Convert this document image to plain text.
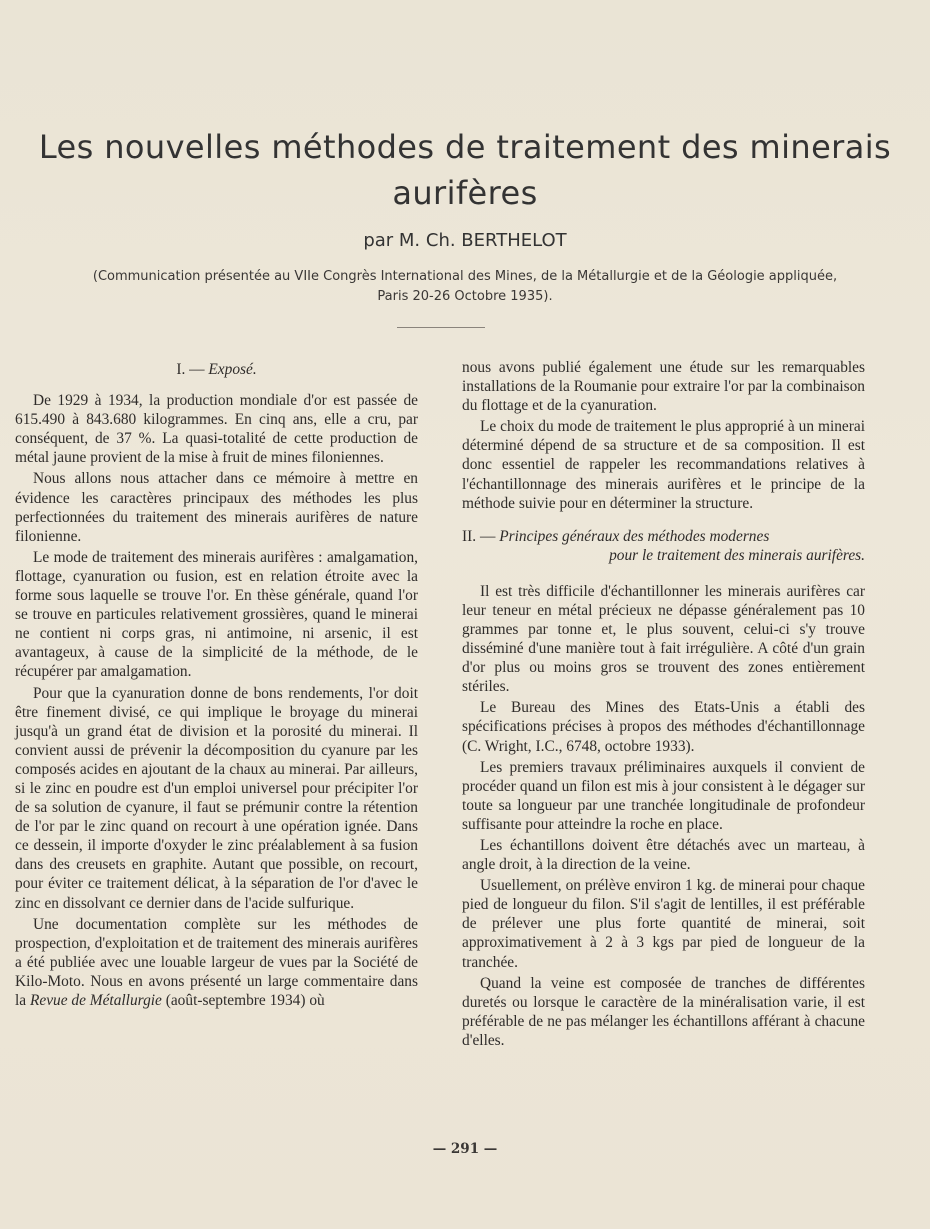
Les nouvelles méthodes de traitement des minerais
aurifères

par M. Ch. BERTHELOT

(Communication présentée au VIIe Congrès International des Mines, de la Métallurgie et de la Géologie appliquée,
Paris 20-26 Octobre 1935).

I. — Exposé.

De 1929 à 1934, la production mondiale d'or est passée de 615.490 à 843.680 kilogrammes. En cinq ans, elle a cru, par conséquent, de 37 %. La quasi-totalité de cette production de métal jaune provient de la mise à fruit de mines filoniennes.

Nous allons nous attacher dans ce mémoire à mettre en évidence les caractères principaux des méthodes les plus perfectionnées du traitement des minerais aurifères de nature filonienne.

Le mode de traitement des minerais aurifères : amalgamation, flottage, cyanuration ou fusion, est en relation étroite avec la forme sous laquelle se trouve l'or. En thèse générale, quand l'or se trouve en particules relativement grossières, quand le minerai ne contient ni corps gras, ni antimoine, ni arsenic, il est avantageux, à cause de la simplicité de la méthode, de le récupérer par amalgamation.

Pour que la cyanuration donne de bons rendements, l'or doit être finement divisé, ce qui implique le broyage du minerai jusqu'à un grand état de division et la porosité du minerai. Il convient aussi de prévenir la décomposition du cyanure par les composés acides en ajoutant de la chaux au minerai. Par ailleurs, si le zinc en poudre est d'un emploi universel pour précipiter l'or de sa solution de cyanure, il faut se prémunir contre la rétention de l'or par le zinc quand on recourt à une opération ignée. Dans ce dessein, il importe d'oxyder le zinc préalablement à sa fusion dans des creusets en graphite. Autant que possible, on recourt, pour éviter ce traitement délicat, à la séparation de l'or d'avec le zinc en dissolvant ce dernier dans de l'acide sulfurique.

Une documentation complète sur les méthodes de prospection, d'exploitation et de traitement des minerais aurifères a été publiée avec une louable largeur de vues par la Société de Kilo-Moto. Nous en avons présenté un large commentaire dans la Revue de Métallurgie (août-septembre 1934) où

nous avons publié également une étude sur les remarquables installations de la Roumanie pour extraire l'or par la combinaison du flottage et de la cyanuration.

Le choix du mode de traitement le plus approprié à un minerai déterminé dépend de sa structure et de sa composition. Il est donc essentiel de rappeler les recommandations relatives à l'échantillonnage des minerais aurifères et le principe de la méthode suivie pour en déterminer la structure.

II. — Principes généraux des méthodes modernes
pour le traitement des minerais aurifères.

Il est très difficile d'échantillonner les minerais aurifères car leur teneur en métal précieux ne dépasse généralement pas 10 grammes par tonne et, le plus souvent, celui-ci s'y trouve disséminé d'une manière tout à fait irrégulière. A côté d'un grain d'or plus ou moins gros se trouvent des zones entièrement stériles.

Le Bureau des Mines des Etats-Unis a établi des spécifications précises à propos des méthodes d'échantillonnage (C. Wright, I.C., 6748, octobre 1933).

Les premiers travaux préliminaires auxquels il convient de procéder quand un filon est mis à jour consistent à le dégager sur toute sa longueur par une tranchée longitudinale de profondeur suffisante pour atteindre la roche en place.

Les échantillons doivent être détachés avec un marteau, à angle droit, à la direction de la veine.

Usuellement, on prélève environ 1 kg. de minerai pour chaque pied de longueur du filon. S'il s'agit de lentilles, il est préférable de prélever une plus forte quantité de minerai, soit approximativement à 2 à 3 kgs par pied de longueur de la tranchée.

Quand la veine est composée de tranches de différentes duretés ou lorsque le caractère de la minéralisation varie, il est préférable de ne pas mélanger les échantillons afférant à chacune d'elles.

— 291 —
